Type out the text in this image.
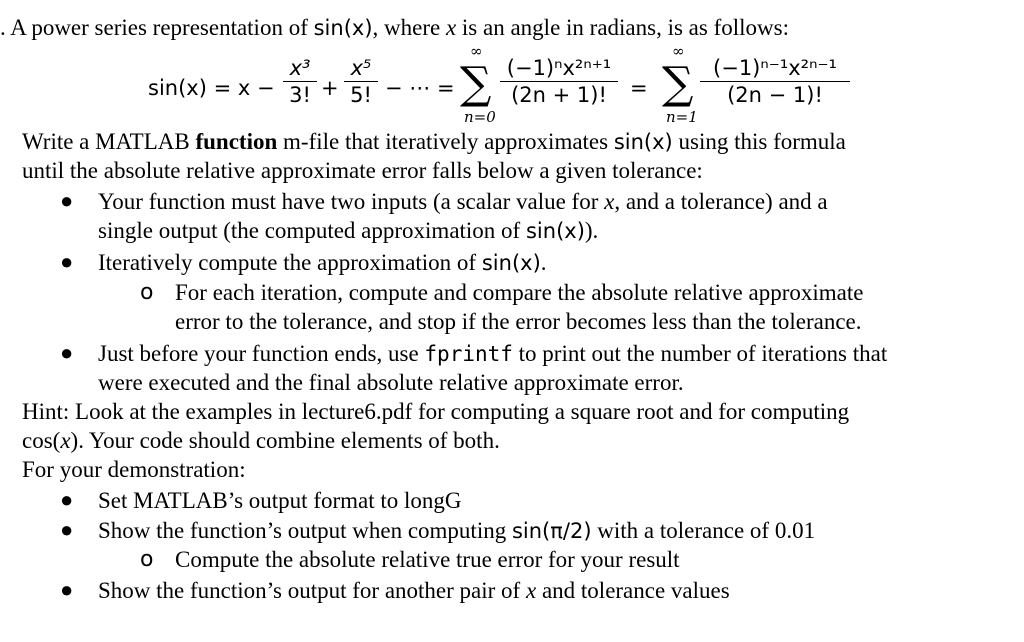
. A power series representation of sin(x), where x is an angle in radians, is as follows:
sin(x) = x −
x³
3! +
x⁵
5! − ⋯ =
∞
∑
n=0
(−1)ⁿx²ⁿ⁺¹
(2n + 1)!	=
∞
∑
n=1
(−1)ⁿ⁻¹x²ⁿ⁻¹
(2n − 1)!
Write a MATLAB function m-file that iteratively approximates sin(x) using this formula
until the absolute relative approximate error falls below a given tolerance:
● Your function must have two inputs (a scalar value for x, and a tolerance) and a
single output (the computed approximation of sin(x)).
● Iteratively compute the approximation of sin(x).
o For each iteration, compute and compare the absolute relative approximate
error to the tolerance, and stop if the error becomes less than the tolerance.
● Just before your function ends, use fprintf to print out the number of iterations that
were executed and the final absolute relative approximate error.
Hint: Look at the examples in lecture6.pdf for computing a square root and for computing
cos(x). Your code should combine elements of both.
For your demonstration:
● Set MATLAB’s output format to longG
● Show the function’s output when computing sin(π/2) with a tolerance of 0.01
o Compute the absolute relative true error for your result
● Show the function’s output for another pair of x and tolerance values
